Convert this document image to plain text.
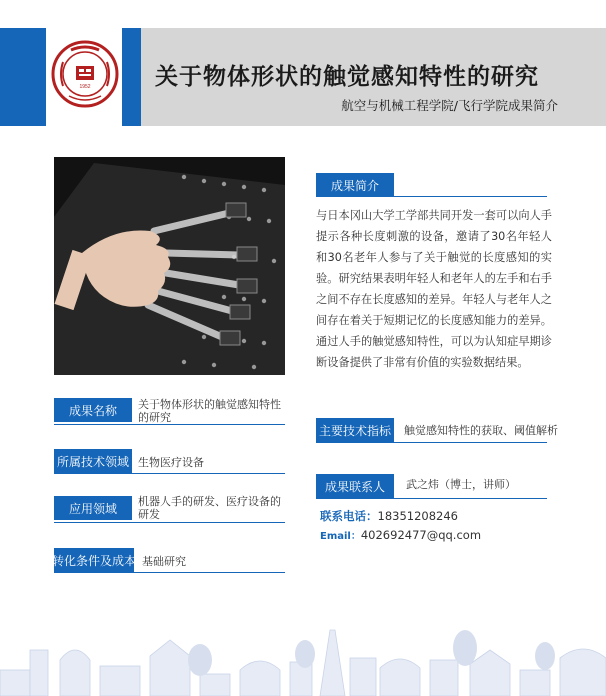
1952	关于物体形状的触觉感知特性的研究
航空与机械工程学院/飞行学院成果简介
成果简介
与日本冈山大学工学部共同开发一套可以向人手提示各种长度刺激的设备，邀请了30名年轻人和30名老年人参与了关于触觉的长度感知的实验。研究结果表明年轻人和老年人的左手和右手之间不存在长度感知的差异。年轻人与老年人之间存在着关于短期记忆的长度感知能力的差异。通过人手的触觉感知特性，可以为认知症早期诊断设备提供了非常有价值的实验数据结果。
成果名称	关于物体形状的触觉感知特性的研究
所属技术领域 生物医疗设备
应用领域	机器人手的研发、医疗设备的研发
转化条件及成本 基础研究
主要技术指标 触觉感知特性的获取、阈值解析
成果联系人	武之炜（博士，讲师）
联系电话：18351208246
Email：402692477@qq.com
